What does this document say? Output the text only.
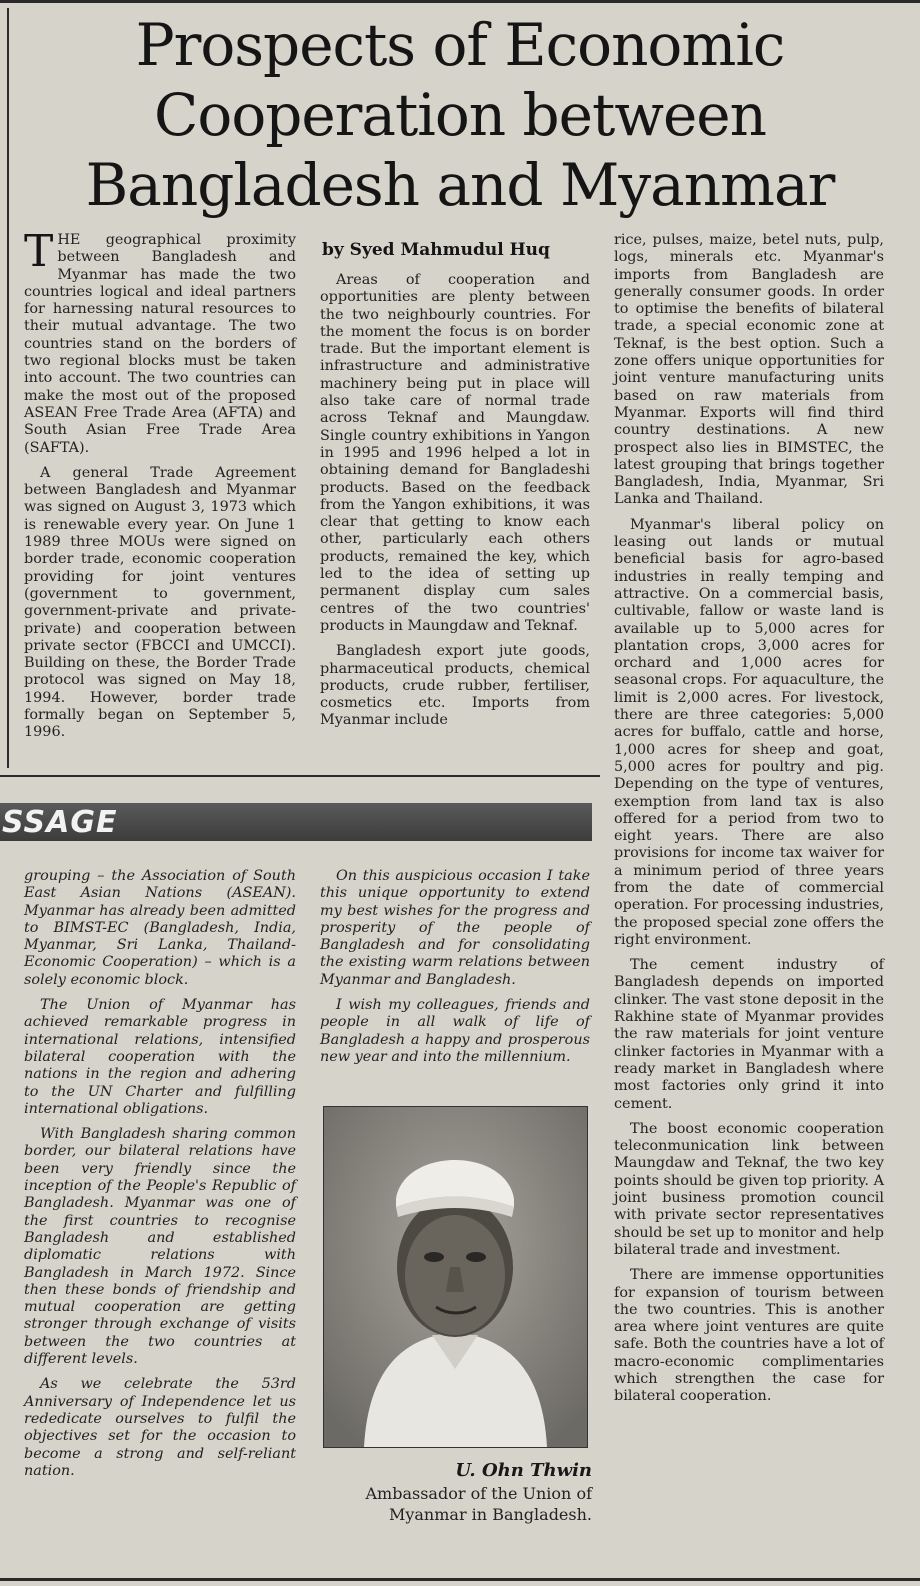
Prospects of Economic
Cooperation between
Bangladesh and Myanmar

THE geographical proximity between Bangladesh and Myanmar has made the two countries logical and ideal partners for harnessing natural resources to their mutual advantage. The two countries stand on the borders of two regional blocks must be taken into account. The two countries can make the most out of the proposed ASEAN Free Trade Area (AFTA) and South Asian Free Trade Area (SAFTA).

A general Trade Agreement between Bangladesh and Myanmar was signed on August 3, 1973 which is renewable every year. On June 1 1989 three MOUs were signed on border trade, economic cooperation providing for joint ventures (government to government, government-private and private-private) and cooperation between private sector (FBCCI and UMCCI). Building on these, the Border Trade protocol was signed on May 18, 1994. However, border trade formally began on September 5, 1996.

by Syed Mahmudul Huq

Areas of cooperation and opportunities are plenty between the two neighbourly countries. For the moment the focus is on border trade. But the important element is infrastructure and administrative machinery being put in place will also take care of normal trade across Teknaf and Maungdaw. Single country exhibitions in Yangon in 1995 and 1996 helped a lot in obtaining demand for Bangladeshi products. Based on the feedback from the Yangon exhibitions, it was clear that getting to know each other, particularly each others products, remained the key, which led to the idea of setting up permanent display cum sales centres of the two countries' products in Maungdaw and Teknaf.

Bangladesh export jute goods, pharmaceutical products, chemical products, crude rubber, fertiliser, cosmetics etc. Imports from Myanmar include

rice, pulses, maize, betel nuts, pulp, logs, minerals etc. Myanmar's imports from Bangladesh are generally consumer goods. In order to optimise the benefits of bilateral trade, a special economic zone at Teknaf, is the best option. Such a zone offers unique opportunities for joint venture manufacturing units based on raw materials from Myanmar. Exports will find third country destinations. A new prospect also lies in BIMSTEC, the latest grouping that brings together Bangladesh, India, Myanmar, Sri Lanka and Thailand.

Myanmar's liberal policy on leasing out lands or mutual beneficial basis for agro-based industries in really temping and attractive. On a commercial basis, cultivable, fallow or waste land is available up to 5,000 acres for plantation crops, 3,000 acres for orchard and 1,000 acres for seasonal crops. For aquaculture, the limit is 2,000 acres. For livestock, there are three categories: 5,000 acres for buffalo, cattle and horse, 1,000 acres for sheep and goat, 5,000 acres for poultry and pig. Depending on the type of ventures, exemption from land tax is also offered for a period from two to eight years. There are also provisions for income tax waiver for a minimum period of three years from the date of commercial operation. For processing industries, the proposed special zone offers the right environment.

The cement industry of Bangladesh depends on imported clinker. The vast stone deposit in the Rakhine state of Myanmar provides the raw materials for joint venture clinker factories in Myanmar with a ready market in Bangladesh where most factories only grind it into cement.

The boost economic cooperation teleconmunication link between Maungdaw and Teknaf, the two key points should be given top priority. A joint business promotion council with private sector representatives should be set up to monitor and help bilateral trade and investment.

There are immense opportunities for expansion of tourism between the two countries. This is another area where joint ventures are quite safe. Both the countries have a lot of macro-economic complimentaries which strengthen the case for bilateral cooperation.

SSAGE

grouping – the Association of South East Asian Nations (ASEAN). Myanmar has already been admitted to BIMST-EC (Bangladesh, India, Myanmar, Sri Lanka, Thailand-Economic Cooperation) – which is a solely economic block.

The Union of Myanmar has achieved remarkable progress in international relations, intensified bilateral cooperation with the nations in the region and adhering to the UN Charter and fulfilling international obligations.

With Bangladesh sharing common border, our bilateral relations have been very friendly since the inception of the People's Republic of Bangladesh. Myanmar was one of the first countries to recognise Bangladesh and established diplomatic relations with Bangladesh in March 1972. Since then these bonds of friendship and mutual cooperation are getting stronger through exchange of visits between the two countries at different levels.

As we celebrate the 53rd Anniversary of Independence let us rededicate ourselves to fulfil the objectives set for the occasion to become a strong and self-reliant nation.

On this auspicious occasion I take this unique opportunity to extend my best wishes for the progress and prosperity of the people of Bangladesh and for consolidating the existing warm relations between Myanmar and Bangladesh.

I wish my colleagues, friends and people in all walk of life of Bangladesh a happy and prosperous new year and into the millennium.

U. Ohn Thwin
Ambassador of the Union of
Myanmar in Bangladesh.
